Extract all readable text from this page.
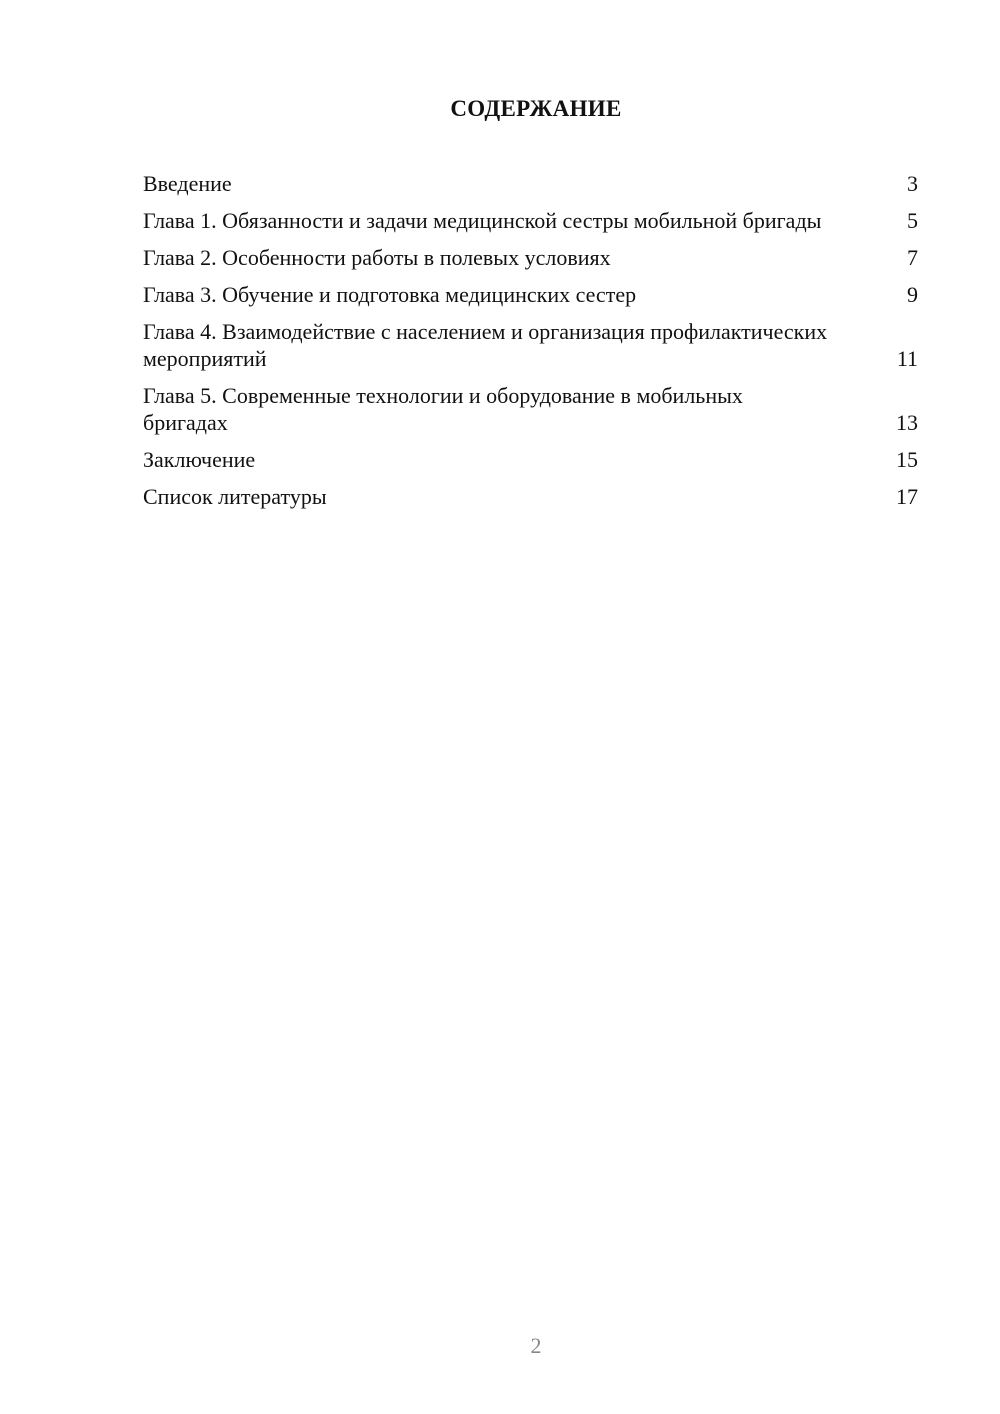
СОДЕРЖАНИЕ
Введение	3
Глава 1. Обязанности и задачи медицинской сестры мобильной бригады	5
Глава 2. Особенности работы в полевых условиях	7
Глава 3. Обучение и подготовка медицинских сестер	9
Глава 4. Взаимодействие с населением и организация профилактических мероприятий	11
Глава 5. Современные технологии и оборудование в мобильных бригадах	13
Заключение	15
Список литературы	17
2
